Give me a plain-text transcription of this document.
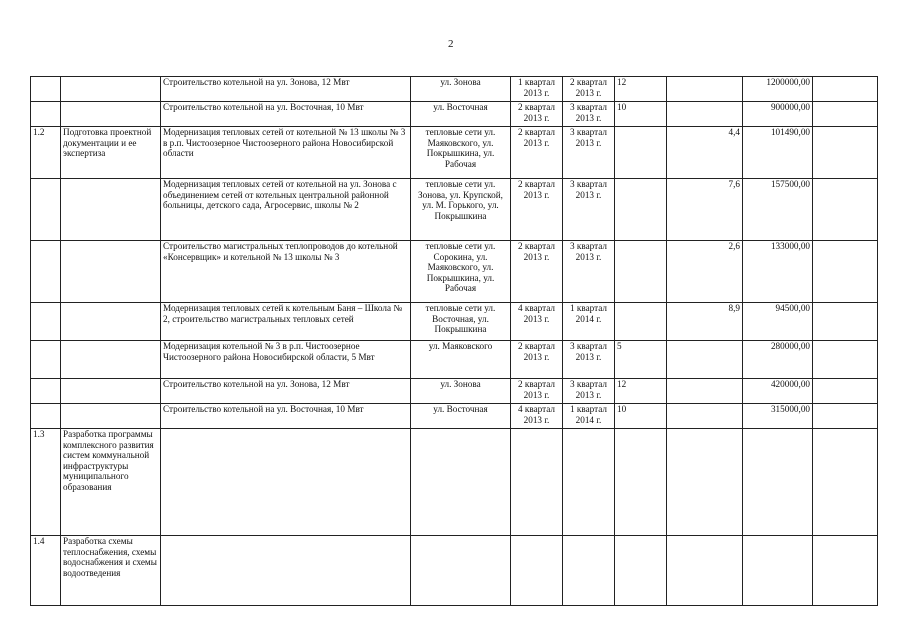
2
		Строительство котельной на ул. Зонова, 12 Мвт	ул. Зонова	1 квартал 2013 г.	2 квартал 2013 г.	12		1200000,00	
		Строительство котельной на ул. Восточная, 10 Мвт	ул. Восточная	2 квартал 2013 г.	3 квартал 2013 г.	10		900000,00	
1.2	Подготовка проектной документации и ее экспертиза	Модернизация тепловых сетей от котельной № 13 школы № 3 в р.п. Чистоозерное Чистоозерного района Новосибирской области	тепловые сети ул. Маяковского, ул. Покрышкина, ул. Рабочая	2 квартал 2013 г.	3 квартал 2013 г.		4,4	101490,00	
		Модернизация тепловых сетей от котельной на ул. Зонова с объединением сетей от котельных центральной районной больницы, детского сада, Агросервис, школы № 2	тепловые сети ул. Зонова, ул. Крупской, ул. М. Горького, ул. Покрышкина	2 квартал 2013 г.	3 квартал 2013 г.		7,6	157500,00	
		Строительство магистральных теплопроводов до котельной «Консервщик» и котельной № 13 школы № 3	тепловые сети ул. Сорокина, ул. Маяковского, ул. Покрышкина, ул. Рабочая	2 квартал 2013 г.	3 квартал 2013 г.		2,6	133000,00	
		Модернизация тепловых сетей к котельным Баня – Школа № 2, строительство магистральных тепловых сетей	тепловые сети ул. Восточная, ул. Покрышкина	4 квартал 2013 г.	1 квартал 2014 г.		8,9	94500,00	
		Модернизация котельной № 3 в р.п. Чистоозерное Чистоозерного района Новосибирской области, 5 Мвт	ул. Маяковского	2 квартал 2013 г.	3 квартал 2013 г.	5		280000,00	
		Строительство котельной на ул. Зонова, 12 Мвт	ул. Зонова	2 квартал 2013 г.	3 квартал 2013 г.	12		420000,00	
		Строительство котельной на ул. Восточная, 10 Мвт	ул. Восточная	4 квартал 2013 г.	1 квартал 2014 г.	10		315000,00	
1.3	Разработка программы комплексного развития систем коммунальной инфраструктуры муниципального образования								
1.4	Разработка схемы теплоснабжения, схемы водоснабжения и схемы водоотведения								
